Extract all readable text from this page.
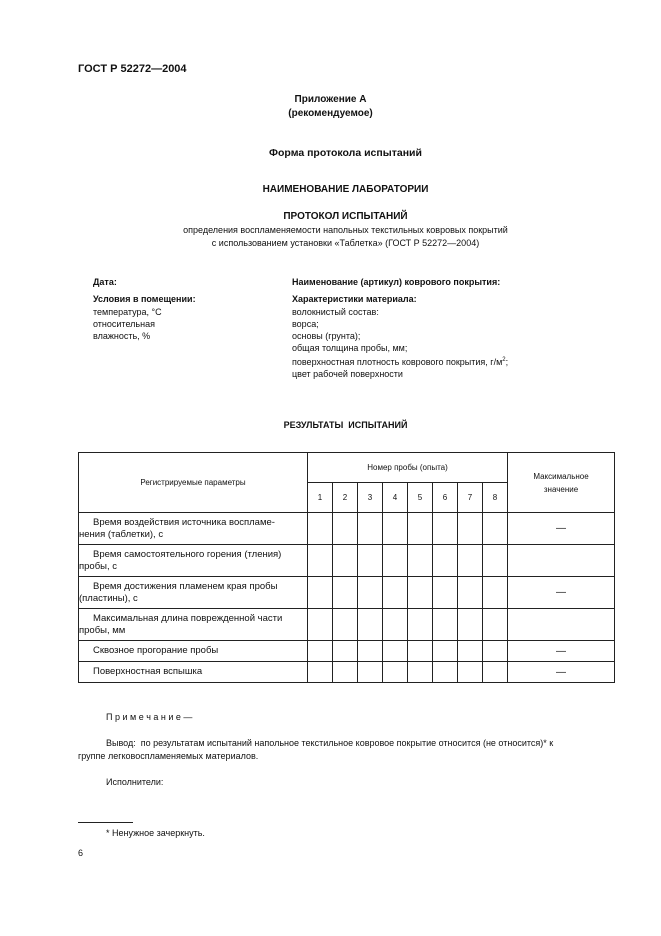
ГОСТ Р 52272—2004
Приложение А
(рекомендуемое)
Форма протокола испытаний
НАИМЕНОВАНИЕ ЛАБОРАТОРИИ
ПРОТОКОЛ ИСПЫТАНИЙ
определения воспламеняемости напольных текстильных ковровых покрытий
с использованием установки «Таблетка» (ГОСТ Р 52272—2004)
Дата:
Условия в помещении:
температура, °С
относительная
влажность, %
Наименование (артикул) коврового покрытия:
Характеристики материала:
волокнистый состав:
ворса;
основы (грунта);
общая толщина пробы, мм;
поверхностная плотность коврового покрытия, $г/м^2$;
цвет рабочей поверхности
РЕЗУЛЬТАТЫ  ИСПЫТАНИЙ
Регистрируемые параметры	Номер пробы (опыта)								Максимальное
значение

	1	2	3	4	5	6	7	8	

Время воздействия источника воспламе-
нения (таблетки), с									—

Время самостоятельного горения (тления)
пробы, с									

Время достижения пламенем края пробы
(пластины), с									—

Максимальная длина поврежденной части
пробы, мм									

Сквозное прогорание пробы									—

Поверхностная вспышка									—
П р и м е ч а н и е —
Вывод:  по результатам испытаний напольное текстильное ковровое покрытие относится (не относится)* к
группе легковоспламеняемых материалов.
Исполнители:
* Ненужное зачеркнуть.
6
